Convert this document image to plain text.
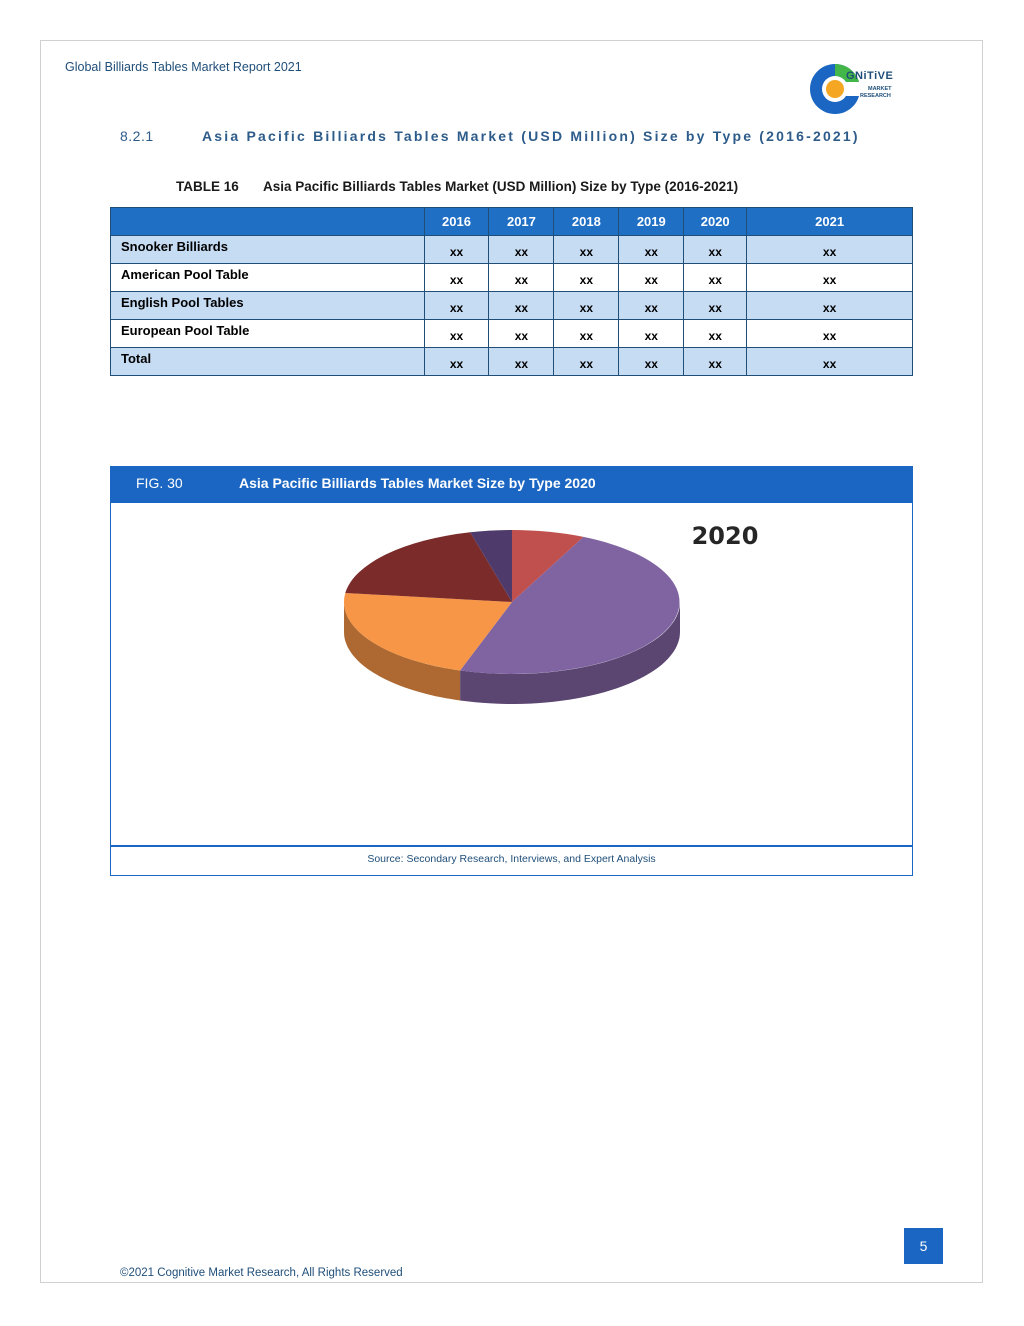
Global Billiards Tables Market Report 2021
GNiTiVE
MARKET
RESEARCH
8.2.1	Asia Pacific Billiards Tables Market (USD Million) Size by Type (2016-2021)
TABLE 16 Asia Pacific Billiards Tables Market (USD Million) Size by Type (2016-2021)
	2016	2017	2018	2019	2020	2021
Snooker Billiards	xx	xx	xx	xx	xx	xx
American Pool Table	xx	xx	xx	xx	xx	xx
English Pool Tables	xx	xx	xx	xx	xx	xx
European Pool Table	xx	xx	xx	xx	xx	xx
Total	xx	xx	xx	xx	xx	xx
FIG. 30	Asia Pacific Billiards Tables Market Size by Type 2020
2020
Source: Secondary Research, Interviews, and Expert Analysis
5
©2021 Cognitive Market Research, All Rights Reserved
